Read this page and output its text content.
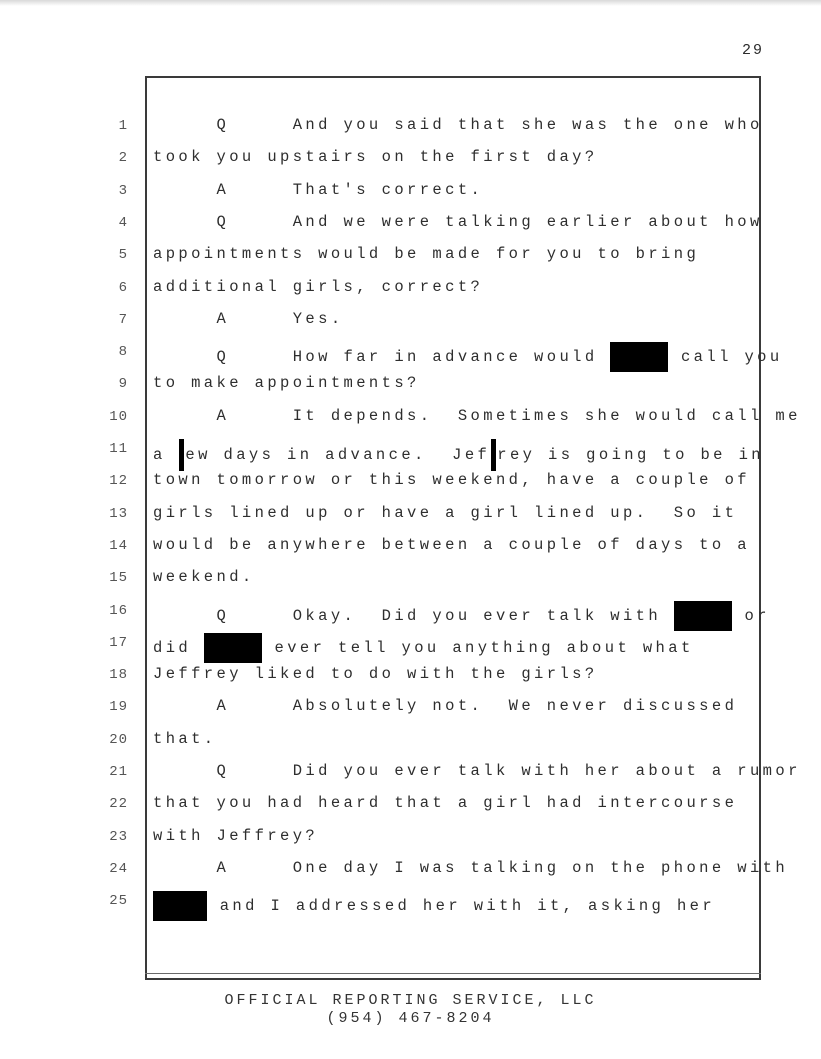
29
1 Q     And you said that she was the one who
2 took you upstairs on the first day?
3 A     That's correct.
4 Q     And we were talking earlier about how
5 appointments would be made for you to bring
6 additional girls, correct?
7 A     Yes.
8 Q     How far in advance would	call you
9 to make appointments?
10 A     It depends.  Sometimes she would call me
11 a ew days in advance.  Jef rey is going to be in
12 town tomorrow or this weekend, have a couple of
13 girls lined up or have a girl lined up.  So it
14 would be anywhere between a couple of days to a
15 weekend.
16 Q     Okay.  Did you ever talk with	or
17 did	ever tell you anything about what
18 Jeffrey liked to do with the girls?
19 A     Absolutely not.  We never discussed
20 that.
21 Q     Did you ever talk with her about a rumor
22 that you had heard that a girl had intercourse
23 with Jeffrey?
24 A     One day I was talking on the phone with
25	and I addressed her with it, asking her
OFFICIAL REPORTING SERVICE, LLC
(954) 467-8204
